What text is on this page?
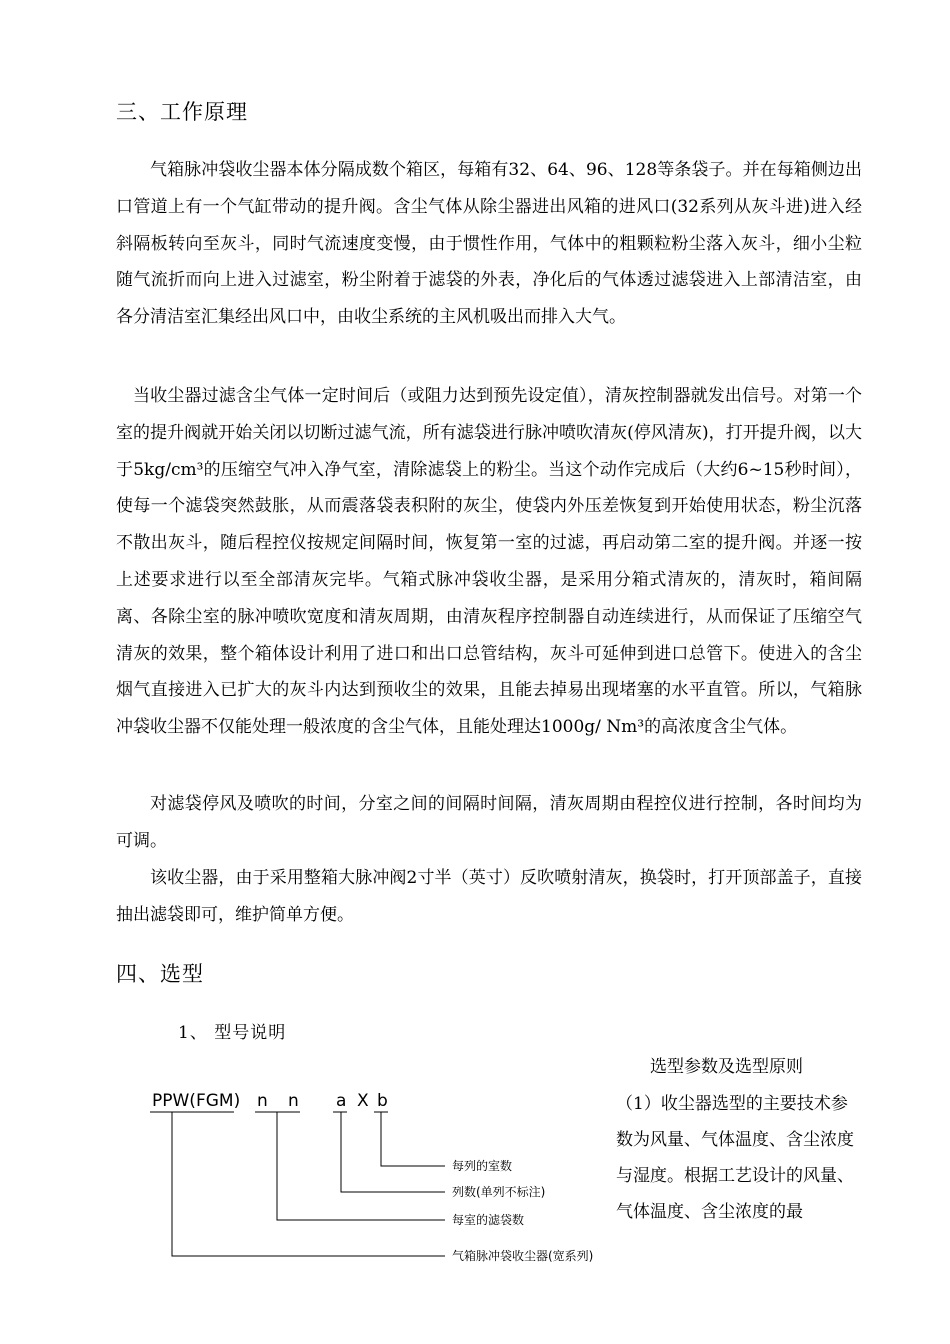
三、工作原理

气箱脉冲袋收尘器本体分隔成数个箱区，每箱有32、64、96、128等条袋子。并在每箱侧边出口管道上有一个气缸带动的提升阀。含尘气体从除尘器进出风箱的进风口(32系列从灰斗进)进入经斜隔板转向至灰斗，同时气流速度变慢，由于惯性作用，气体中的粗颗粒粉尘落入灰斗，细小尘粒随气流折而向上进入过滤室，粉尘附着于滤袋的外表，净化后的气体透过滤袋进入上部清洁室，由各分清洁室汇集经出风口中，由收尘系统的主风机吸出而排入大气。

当收尘器过滤含尘气体一定时间后（或阻力达到预先设定值），清灰控制器就发出信号。对第一个室的提升阀就开始关闭以切断过滤气流，所有滤袋进行脉冲喷吹清灰(停风清灰)，打开提升阀，以大于5kg/cm³的压缩空气冲入净气室，清除滤袋上的粉尘。当这个动作完成后（大约6~15秒时间），使每一个滤袋突然鼓胀，从而震落袋表积附的灰尘，使袋内外压差恢复到开始使用状态，粉尘沉落不散出灰斗，随后程控仪按规定间隔时间，恢复第一室的过滤，再启动第二室的提升阀。并逐一按上述要求进行以至全部清灰完毕。气箱式脉冲袋收尘器，是采用分箱式清灰的，清灰时，箱间隔离、各除尘室的脉冲喷吹宽度和清灰周期，由清灰程序控制器自动连续进行，从而保证了压缩空气清灰的效果，整个箱体设计利用了进口和出口总管结构，灰斗可延伸到进口总管下。使进入的含尘烟气直接进入已扩大的灰斗内达到预收尘的效果，且能去掉易出现堵塞的水平直管。所以，气箱脉冲袋收尘器不仅能处理一般浓度的含尘气体，且能处理达1000g/ Nm³的高浓度含尘气体。

对滤袋停风及喷吹的时间，分室之间的间隔时间隔，清灰周期由程控仪进行控制，各时间均为可调。

该收尘器，由于采用整箱大脉冲阀2寸半（英寸）反吹喷射清灰，换袋时，打开顶部盖子，直接抽出滤袋即可，维护简单方便。

四、选型

1、 型号说明

选型参数及选型原则

（1）收尘器选型的主要技术参数为风量、气体温度、含尘浓度与湿度。根据工艺设计的风量、气体温度、含尘浓度的最

PPW(FGM) n n a X b
每列的室数
列数(单列不标注)
每室的滤袋数
气箱脉冲袋收尘器(宽系列)
